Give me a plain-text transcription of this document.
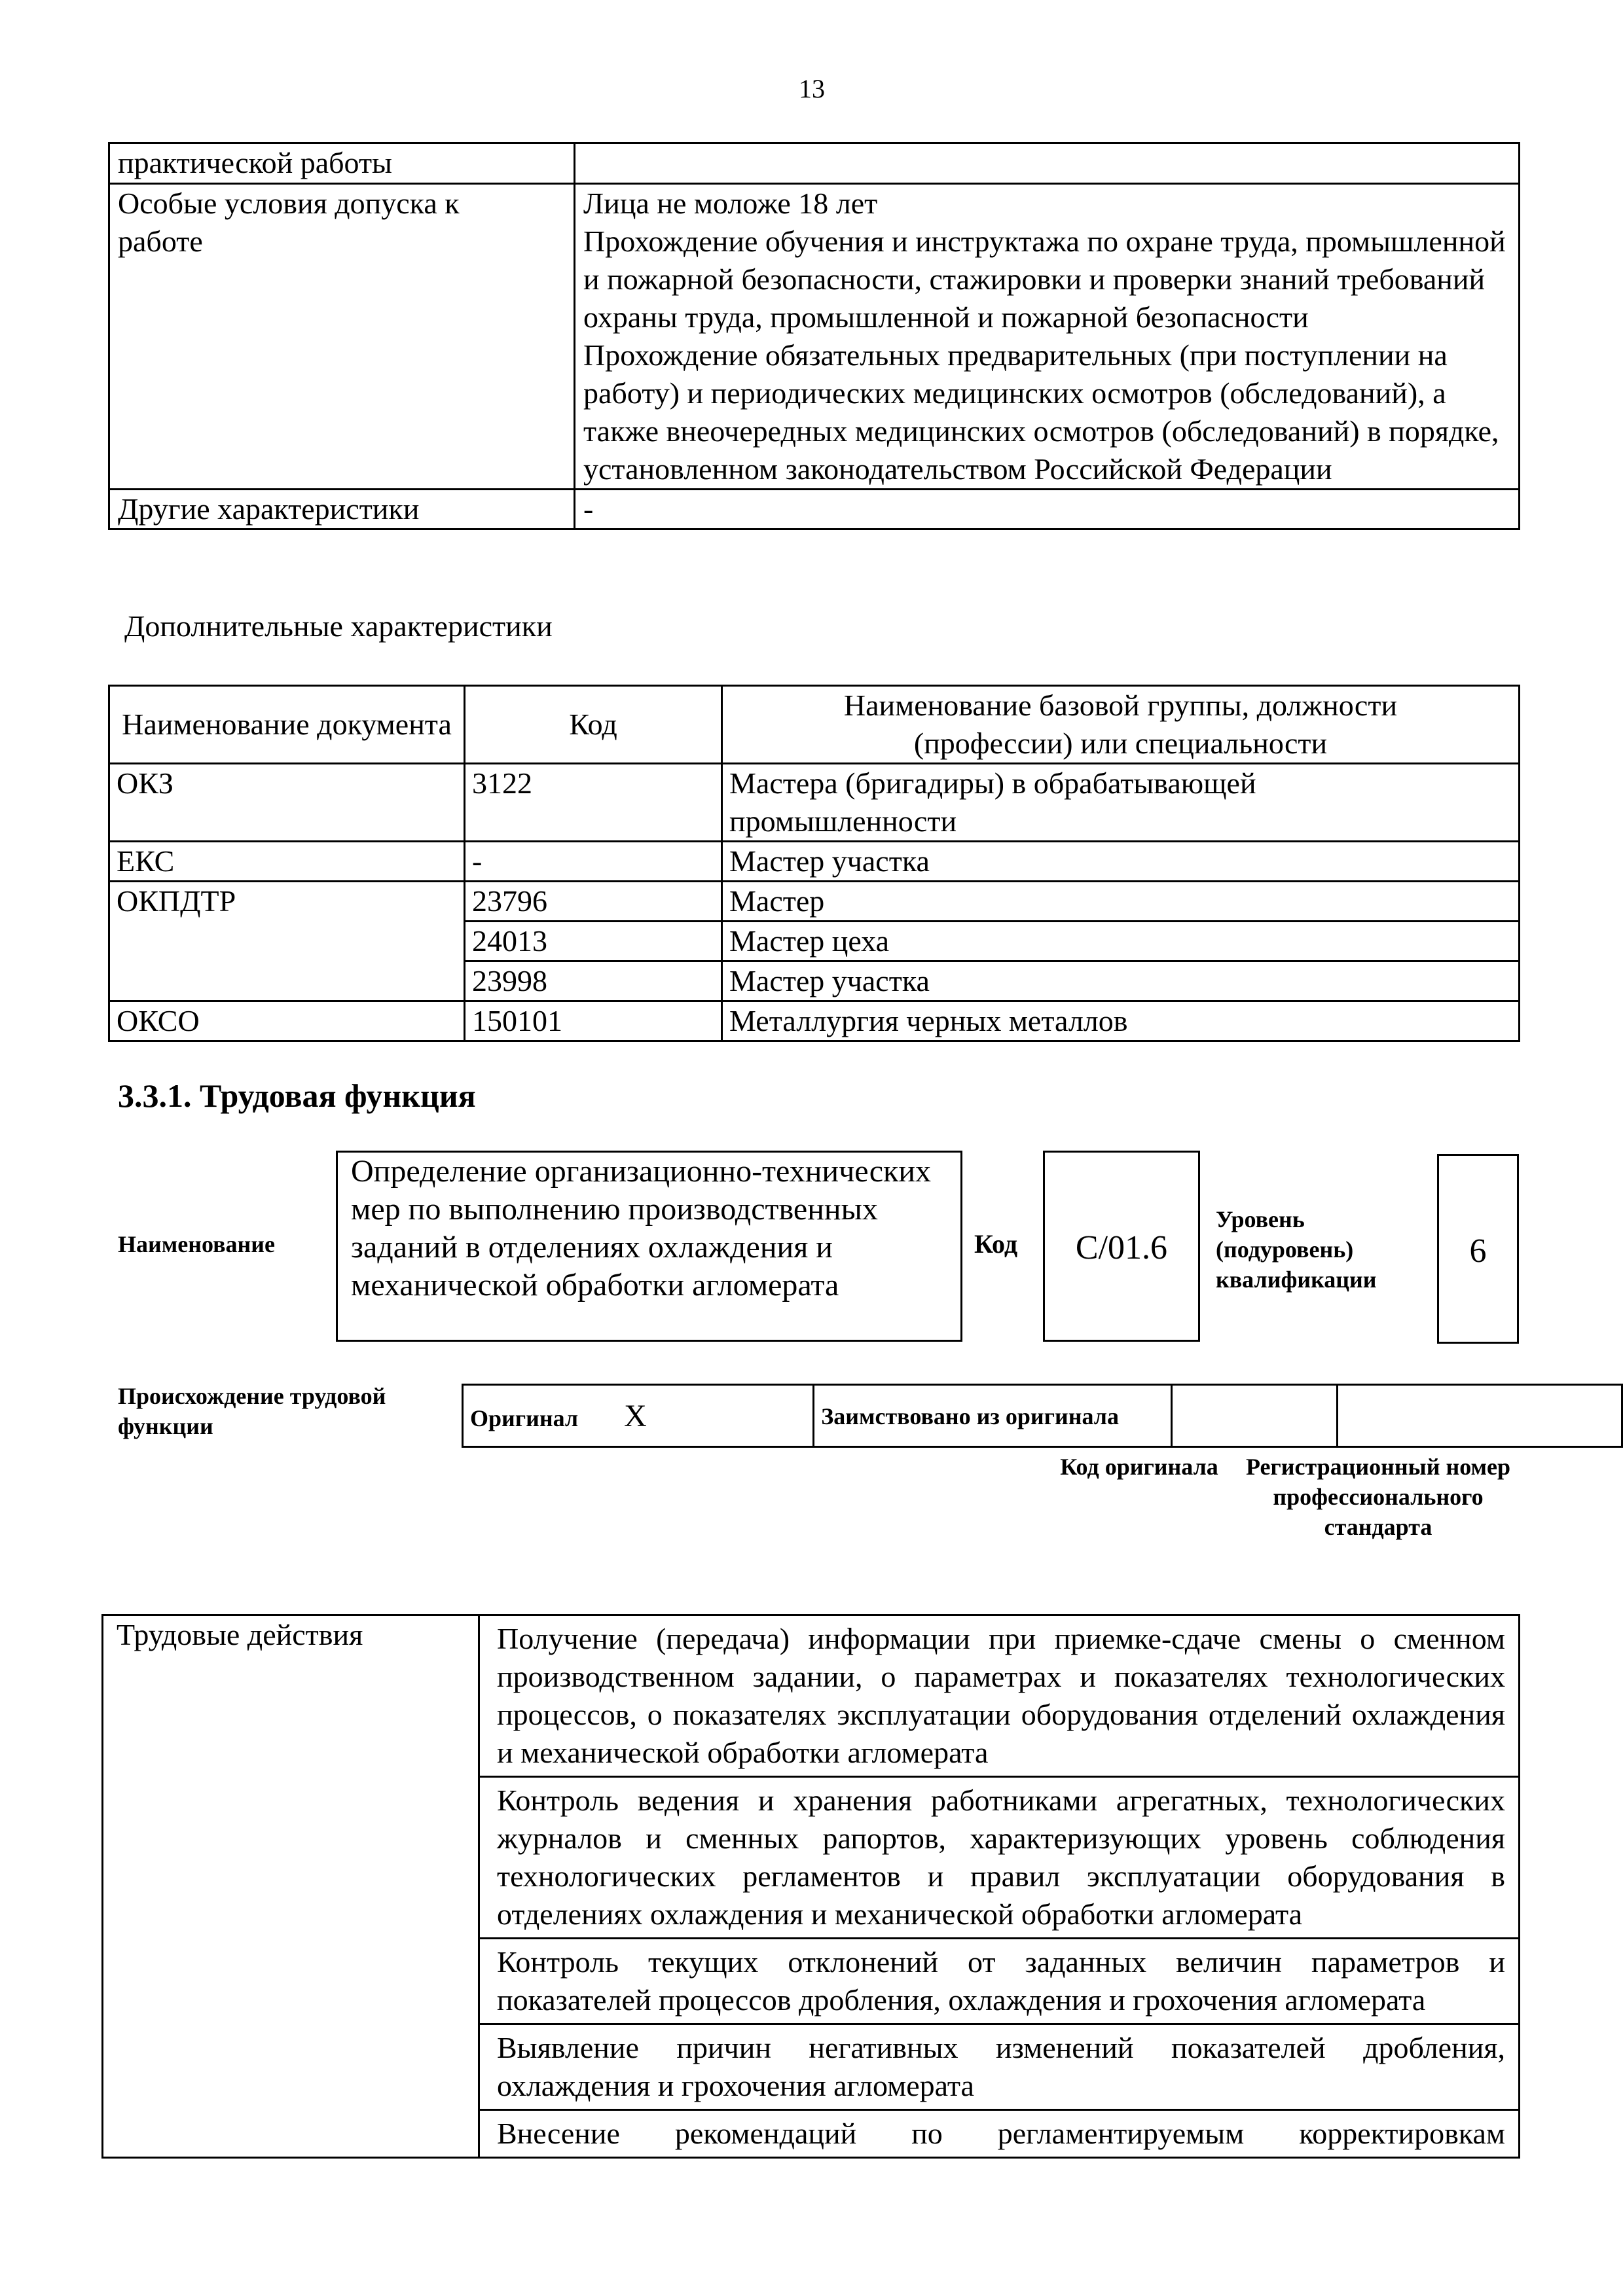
13
практической работы	
Особые условия допуска к работе	Лица не моложе 18 лет
Прохождение обучения и инструктажа по охране труда, промышленной и пожарной безопасности, стажировки и проверки знаний требований охраны труда, промышленной и пожарной безопасности
Прохождение обязательных предварительных (при поступлении на работу) и периодических медицинских осмотров (обследований), а также внеочередных медицинских осмотров (обследований) в порядке, установленном законодательством Российской Федерации

Другие характеристики	-
Дополнительные характеристики
Наименование документа	Код	Наименование базовой группы, должности (профессии) или специальности
ОКЗ	3122	Мастера (бригадиры) в обрабатывающей промышленности
ЕКС	-	Мастер участка
ОКПДТР	23796	Мастер
	24013	Мастер цеха
	23998	Мастер участка
ОКСО	150101	Металлургия черных металлов
3.3.1. Трудовая функция
Наименование
Определение организационно-технических мер по выполнению производственных заданий в отделениях охлаждения и механической обработки агломерата
Код	С/01.6
Уровень (подуровень) квалификации
6
Происхождение трудовой функции	Оригинал X		Заимствовано из оригинала		
Код оригинала	Регистрационный номер профессионального стандарта
Трудовые действия	Получение (передача) информации при приемке-сдаче смены о сменном производственном задании, о параметрах и показателях технологических процессов, о показателях эксплуатации оборудования отделений охлаждения и механической обработки агломерата
Контроль ведения и хранения работниками агрегатных, технологических журналов и сменных рапортов, характеризующих уровень соблюдения технологических регламентов и правил эксплуатации оборудования в отделениях охлаждения и механической обработки агломерата
Контроль текущих отклонений от заданных величин параметров и показателей процессов дробления, охлаждения и грохочения агломерата
Выявление причин негативных изменений показателей дробления, охлаждения и грохочения агломерата
Внесение рекомендаций по регламентируемым корректировкам
